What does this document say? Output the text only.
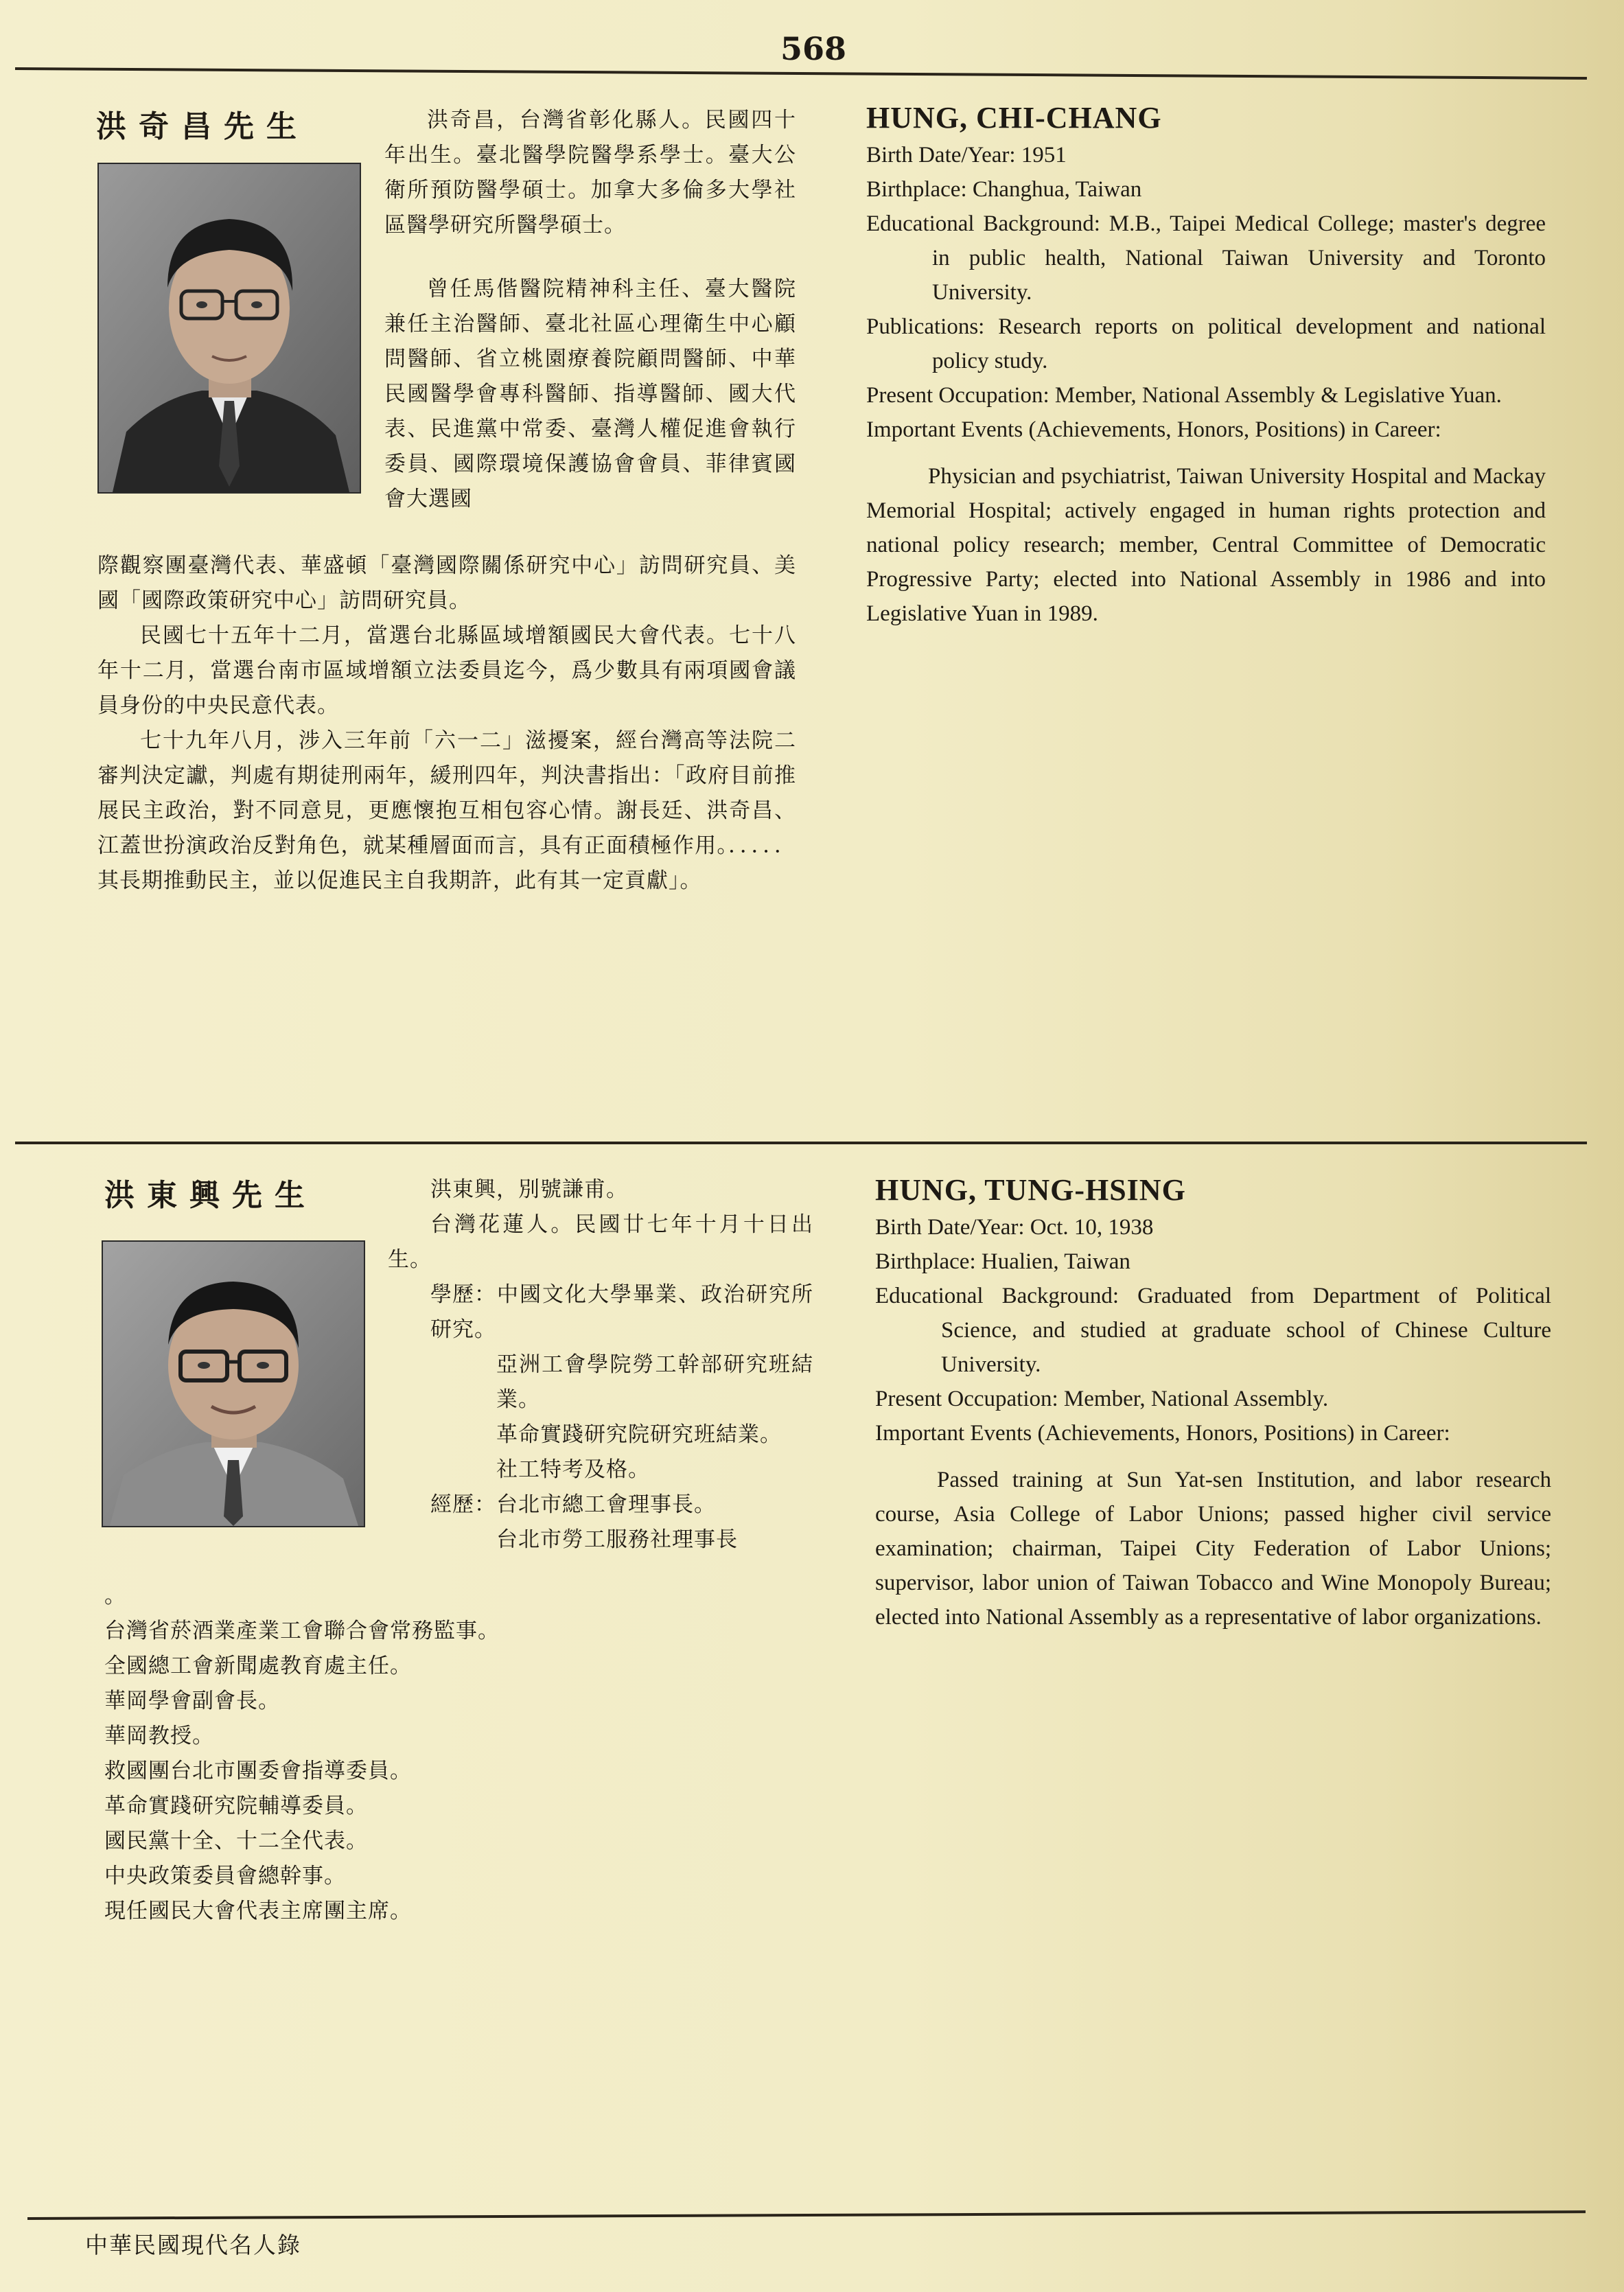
568
洪奇昌先生	洪奇昌，台灣省彰化縣人。民國四十年出生。臺北醫學院醫學系學士。臺大公衛所預防醫學碩士。加拿大多倫多大學社區醫學研究所醫學碩士。

曾任馬偕醫院精神科主任、臺大醫院兼任主治醫師、臺北社區心理衛生中心顧問醫師、省立桃園療養院顧問醫師、中華民國醫學會專科醫師、指導醫師、國大代表、民進黨中常委、臺灣人權促進會執行委員、國際環境保護協會會員、菲律賓國會大選國

際觀察團臺灣代表、華盛頓「臺灣國際關係研究中心」訪問研究員、美國「國際政策研究中心」訪問研究員。

民國七十五年十二月，當選台北縣區域增額國民大會代表。七十八年十二月，當選台南市區域增額立法委員迄今，爲少數具有兩項國會議員身份的中央民意代表。

七十九年八月，涉入三年前「六一二」滋擾案，經台灣高等法院二審判決定讞，判處有期徒刑兩年，緩刑四年，判決書指出：「政府目前推展民主政治，對不同意見，更應懷抱互相包容心情。謝長廷、洪奇昌、江蓋世扮演政治反對角色，就某種層面而言，具有正面積極作用。．．．．．其長期推動民主，並以促進民主自我期許，此有其一定貢獻」。

HUNG, CHI-CHANG

Birth Date/Year: 1951

Birthplace: Changhua, Taiwan

Educational Background: M.B., Taipei Medical College; master's degree in public health, National Taiwan University and Toronto University.

Publications: Research reports on political development and national policy study.

Present Occupation: Member, National Assembly & Legislative Yuan.

Important Events (Achievements, Honors, Positions) in Career:

Physician and psychiatrist, Taiwan University Hospital and Mackay Memorial Hospital; actively engaged in human rights protection and national policy research; member, Central Committee of Democratic Progressive Party; elected into National Assembly in 1986 and into Legislative Yuan in 1989.

洪東興先生	洪東興，別號謙甫。

台灣花蓮人。民國廿七年十月十日出生。

學歷：中國文化大學畢業、政治研究所研究。

亞洲工會學院勞工幹部研究班結業。

革命實踐研究院研究班結業。

社工特考及格。

經歷：台北市總工會理事長。

台北市勞工服務社理事長

。

台灣省菸酒業產業工會聯合會常務監事。

全國總工會新聞處教育處主任。

華岡學會副會長。

華岡教授。

救國團台北市團委會指導委員。

革命實踐研究院輔導委員。

國民黨十全、十二全代表。

中央政策委員會總幹事。

現任國民大會代表主席團主席。

HUNG, TUNG-HSING

Birth Date/Year: Oct. 10, 1938

Birthplace: Hualien, Taiwan

Educational Background: Graduated from Department of Political Science, and studied at graduate school of Chinese Culture University.

Present Occupation: Member, National Assembly.

Important Events (Achievements, Honors, Positions) in Career:

Passed training at Sun Yat-sen Institution, and labor research course, Asia College of Labor Unions; passed higher civil service examination; chairman, Taipei City Federation of Labor Unions; supervisor, labor union of Taiwan Tobacco and Wine Monopoly Bureau; elected into National Assembly as a representative of labor organizations.

中華民國現代名人錄
